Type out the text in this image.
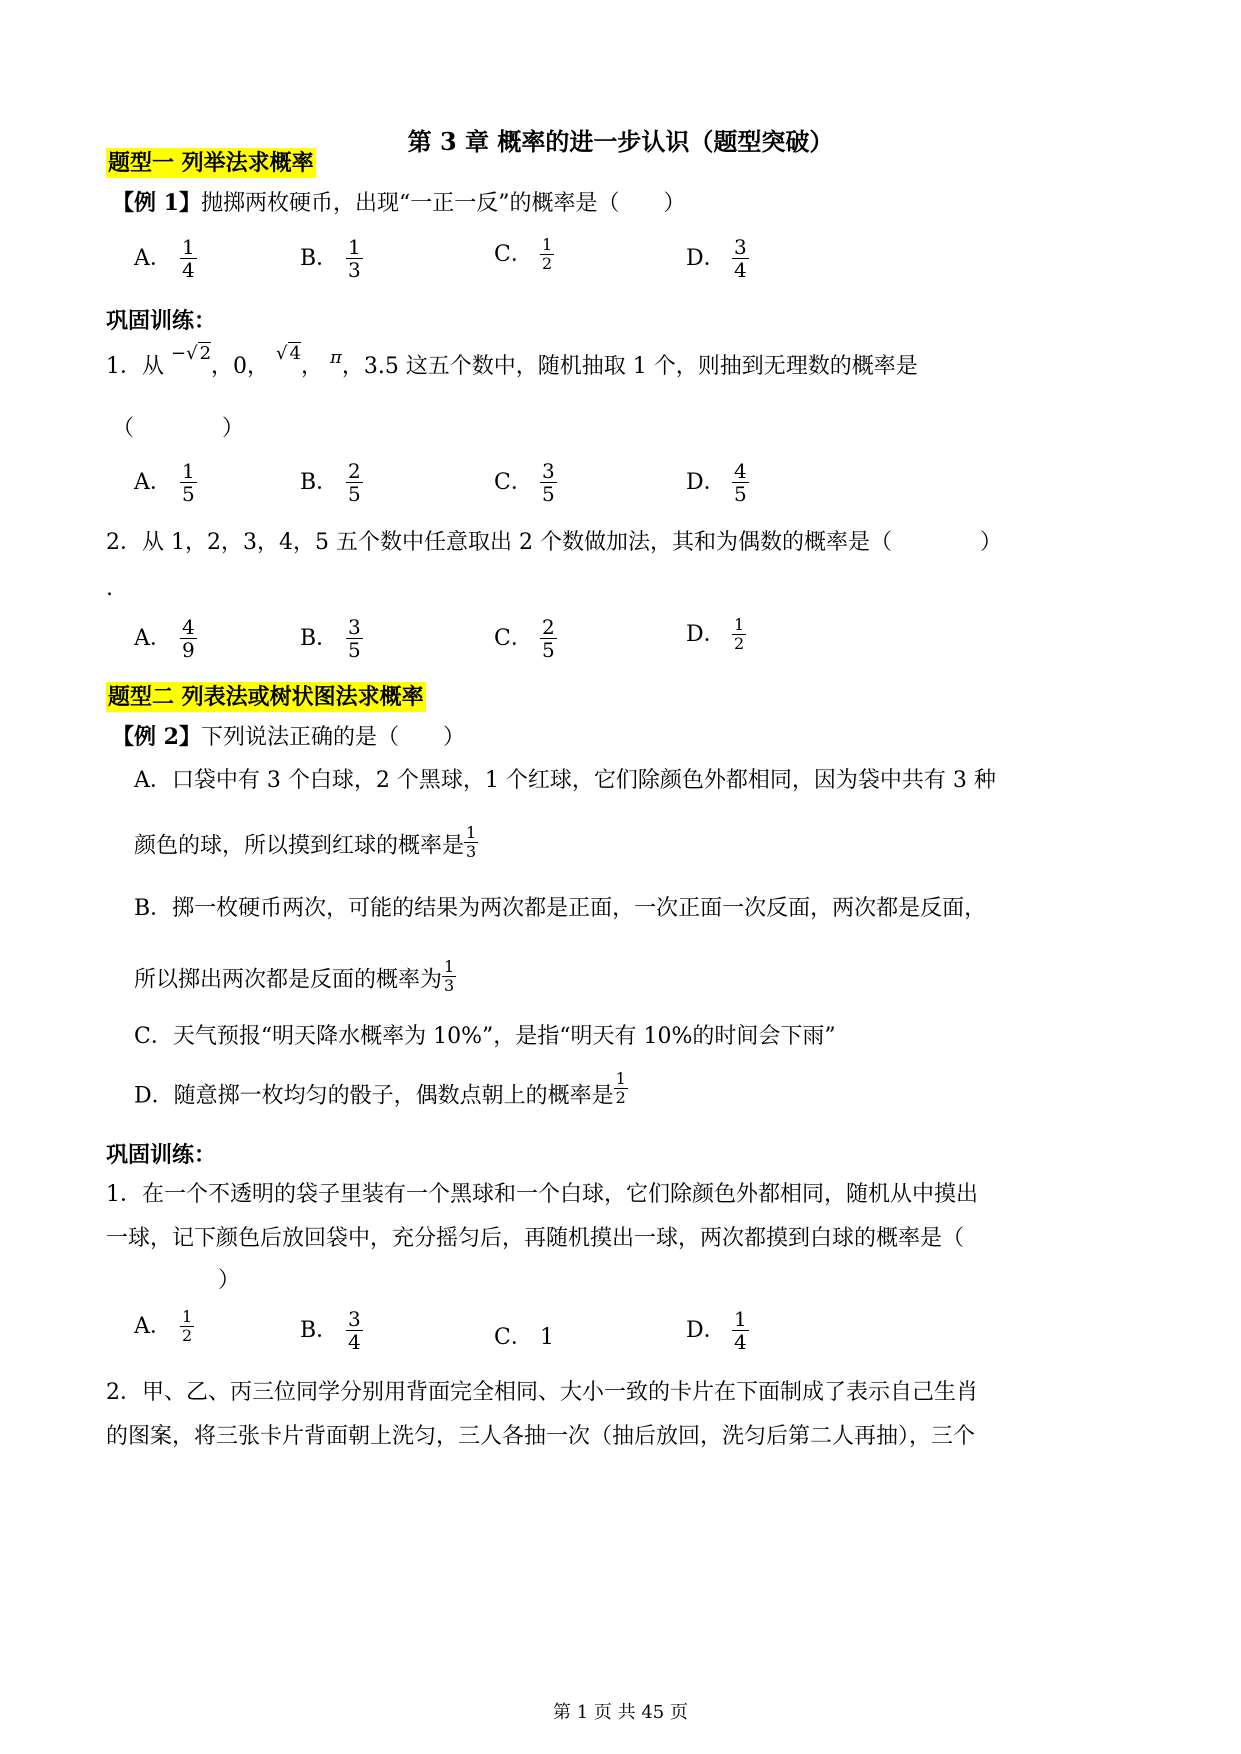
第 3 章 概率的进一步认识（题型突破）
题型一 列举法求概率
【例 1】抛掷两枚硬币，出现“一正一反”的概率是（　　）
A． $\frac{1}{4}$	B． $\frac{1}{3}$	C． $\frac{1}{2}$	D． $\frac{3}{4}$
巩固训练：
1．从 $^{-√ 2}$，0， $^{√ 4}$， $^\pi$，3.5 这五个数中，随机抽取 1 个，则抽到无理数的概率是
（　　　　）
A． $\frac{1}{5}$	B． $\frac{2}{5}$	C． $\frac{3}{5}$	D． $\frac{4}{5}$
2．从 1，2，3，4，5 五个数中任意取出 2 个数做加法，其和为偶数的概率是（　　　　）
.
A． $\frac{4}{9}$	B． $\frac{3}{5}$	C． $\frac{2}{5}$	D． $\frac{1}{2}$
题型二 列表法或树状图法求概率
【例 2】下列说法正确的是（　　）
A．口袋中有 3 个白球，2 个黑球，1 个红球，它们除颜色外都相同，因为袋中共有 3 种
颜色的球，所以摸到红球的概率是 $\frac{1}{3}$
B．掷一枚硬币两次，可能的结果为两次都是正面，一次正面一次反面，两次都是反面，
所以掷出两次都是反面的概率为 $\frac{1}{3}$
C．天气预报“明天降水概率为 10%”，是指“明天有 10%的时间会下雨”
D．随意掷一枚均匀的骰子，偶数点朝上的概率是 $\frac{1}{2}$
巩固训练：
1．在一个不透明的袋子里装有一个黑球和一个白球，它们除颜色外都相同，随机从中摸出
一球，记下颜色后放回袋中，充分摇匀后，再随机摸出一球，两次都摸到白球的概率是（
）
A． $\frac{1}{2}$	B． $\frac{3}{4}$	C． 1	D． $\frac{1}{4}$
2．甲、乙、丙三位同学分别用背面完全相同、大小一致的卡片在下面制成了表示自己生肖
的图案，将三张卡片背面朝上洗匀，三人各抽一次（抽后放回，洗匀后第二人再抽），三个
第 1 页 共 45 页
